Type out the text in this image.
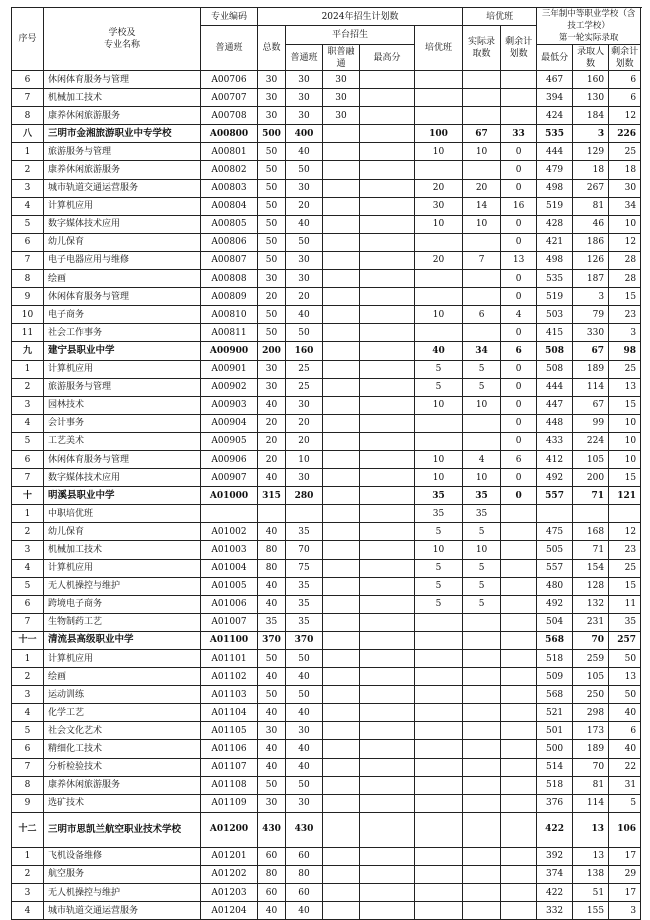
序号	学校及
专业名称	专业编码	2024年招生计划数					培优班		三年制中等职业学校（含技工学校）
第一轮实际录取			
		普通班	总数	平台招生			培优班	实际录取数	剩余计划数				
				普通班	职普融通	最高分				最低分	录取人数	剩余计划数	
6	休闲体育服务与管理	A00706	30	30	30					467	160	6	
7	机械加工技术	A00707	30	30	30					394	130	6	
8	康养休闲旅游服务	A00708	30	30	30					424	184	12	
八	三明市金湘旅游职业中专学校	A00800	500	400			100	67	33	535	3	226	
1	旅游服务与管理	A00801	50	40			10	10	0	444	129	25	
2	康养休闲旅游服务	A00802	50	50					0	479	18	18	
3	城市轨道交通运营服务	A00803	50	30			20	20	0	498	267	30	
4	计算机应用	A00804	50	20			30	14	16	519	81	34	
5	数字媒体技术应用	A00805	50	40			10	10	0	428	46	10	
6	幼儿保育	A00806	50	50					0	421	186	12	
7	电子电器应用与维修	A00807	50	30			20	7	13	498	126	28	
8	绘画	A00808	30	30					0	535	187	28	
9	休闲体育服务与管理	A00809	20	20					0	519	3	15	
10	电子商务	A00810	50	40			10	6	4	503	79	23	
11	社会工作事务	A00811	50	50					0	415	330	3	
九	建宁县职业中学	A00900	200	160			40	34	6	508	67	98	
1	计算机应用	A00901	30	25			5	5	0	508	189	25	
2	旅游服务与管理	A00902	30	25			5	5	0	444	114	13	
3	园林技术	A00903	40	30			10	10	0	447	67	15	
4	会计事务	A00904	20	20					0	448	99	10	
5	工艺美术	A00905	20	20					0	433	224	10	
6	休闲体育服务与管理	A00906	20	10			10	4	6	412	105	10	
7	数字媒体技术应用	A00907	40	30			10	10	0	492	200	15	
十	明溪县职业中学	A01000	315	280			35	35	0	557	71	121	
1	中职培优班						35	35					
2	幼儿保育	A01002	40	35			5	5		475	168	12	
3	机械加工技术	A01003	80	70			10	10		505	71	23	
4	计算机应用	A01004	80	75			5	5		557	154	25	
5	无人机操控与维护	A01005	40	35			5	5		480	128	15	
6	跨境电子商务	A01006	40	35			5	5		492	132	11	
7	生物制药工艺	A01007	35	35						504	231	35	
十一	清流县高级职业中学	A01100	370	370						568	70	257	
1	计算机应用	A01101	50	50						518	259	50	
2	绘画	A01102	40	40						509	105	13	
3	运动训练	A01103	50	50						568	250	50	
4	化学工艺	A01104	40	40						521	298	40	
5	社会文化艺术	A01105	30	30						501	173	6	
6	精细化工技术	A01106	40	40						500	189	40	
7	分析检验技术	A01107	40	40						514	70	22	
8	康养休闲旅游服务	A01108	50	50						518	81	31	
9	选矿技术	A01109	30	30						376	114	5	
十二	三明市思凯兰航空职业技术学校	A01200	430	430						422	13	106	
1	飞机设备维修	A01201	60	60						392	13	17	
2	航空服务	A01202	80	80						374	138	29	
3	无人机操控与维护	A01203	60	60						422	51	17	
4	城市轨道交通运营服务	A01204	40	40						332	155	3	
